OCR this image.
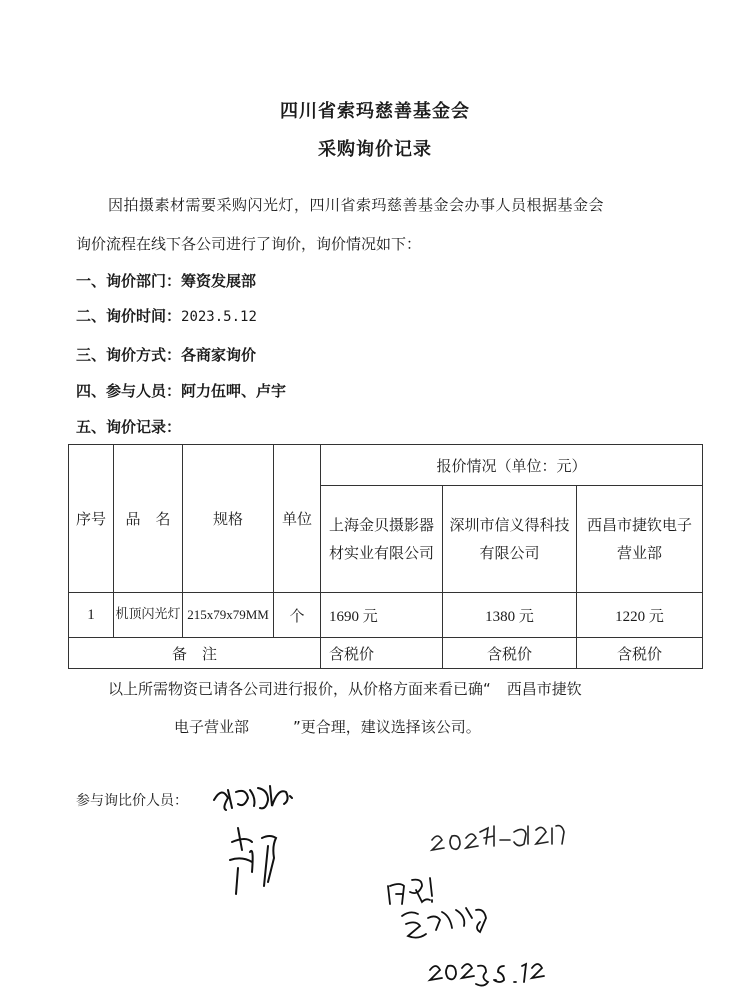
四川省索玛慈善基金会
采购询价记录
因拍摄素材需要采购闪光灯，四川省索玛慈善基金会办事人员根据基金会
询价流程在线下各公司进行了询价，询价情况如下：
一、询价部门：筹资发展部
二、询价时间：2023.5.12
三、询价方式：各商家询价
四、参与人员：阿力伍呷、卢宇
五、询价记录：
序号	品　名	规格	单位	报价情况（单位：元）		
				上海金贝摄影器材实业有限公司	深圳市信义得科技有限公司	西昌市捷钦电子营业部
1	机顶闪光灯	215x79x79MM	个	1690 元	1380 元	1220 元
备　注				含税价	含税价	含税价
以上所需物资已请各公司进行报价，从价格方面来看已确“ 西昌市捷钦
电子营业部	”更合理，建议选择该公司。
参与询比价人员：
